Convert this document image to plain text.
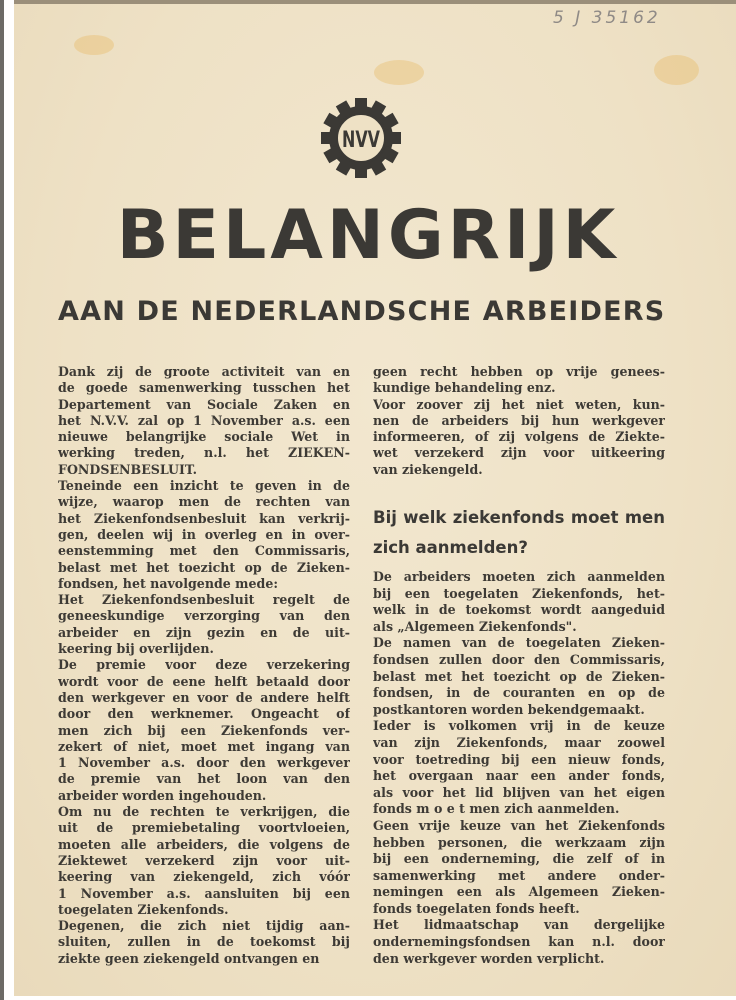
5 J 35162
NVV
BELANGRIJK
AAN DE NEDERLANDSCHE ARBEIDERS
Dank zij de groote activiteit van en
de goede samenwerking tusschen het
Departement van Sociale Zaken en
het N.V.V. zal op 1 November a.s. een
nieuwe belangrijke sociale Wet in
werking treden, n.l. het ZIEKEN-
FONDSENBESLUIT.
Teneinde een inzicht te geven in de
wijze, waarop men de rechten van
het Ziekenfondsenbesluit kan verkrij-
gen, deelen wij in overleg en in over-
eenstemming met den Commissaris,
belast met het toezicht op de Zieken-
fondsen, het navolgende mede:
Het Ziekenfondsenbesluit regelt de
geneeskundige verzorging van den
arbeider en zijn gezin en de uit-
keering bij overlijden.
De premie voor deze verzekering
wordt voor de eene helft betaald door
den werkgever en voor de andere helft
door den werknemer. Ongeacht of
men zich bij een Ziekenfonds ver-
zekert of niet, moet met ingang van
1 November a.s. door den werkgever
de premie van het loon van den
arbeider worden ingehouden.
Om nu de rechten te verkrijgen, die
uit de premiebetaling voortvloeien,
moeten alle arbeiders, die volgens de
Ziektewet verzekerd zijn voor uit-
keering van ziekengeld, zich vóór
1 November a.s. aansluiten bij een
toegelaten Ziekenfonds.
Degenen, die zich niet tijdig aan-
sluiten, zullen in de toekomst bij
ziekte geen ziekengeld ontvangen en
geen recht hebben op vrije genees-
kundige behandeling enz.
Voor zoover zij het niet weten, kun-
nen de arbeiders bij hun werkgever
informeeren, of zij volgens de Ziekte-
wet verzekerd zijn voor uitkeering
van ziekengeld.
Bij welk ziekenfonds moet men
zich aanmelden?
De arbeiders moeten zich aanmelden
bij een toegelaten Ziekenfonds, het-
welk in de toekomst wordt aangeduid
als „Algemeen Ziekenfonds".
De namen van de toegelaten Zieken-
fondsen zullen door den Commissaris,
belast met het toezicht op de Zieken-
fondsen, in de couranten en op de
postkantoren worden bekendgemaakt.
Ieder is volkomen vrij in de keuze
van zijn Ziekenfonds, maar zoowel
voor toetreding bij een nieuw fonds,
het overgaan naar een ander fonds,
als voor het lid blijven van het eigen
fonds m o e t men zich aanmelden.
Geen vrije keuze van het Ziekenfonds
hebben personen, die werkzaam zijn
bij een onderneming, die zelf of in
samenwerking met andere onder-
nemingen een als Algemeen Zieken-
fonds toegelaten fonds heeft.
Het lidmaatschap van dergelijke
ondernemingsfondsen kan n.l. door
den werkgever worden verplicht.
